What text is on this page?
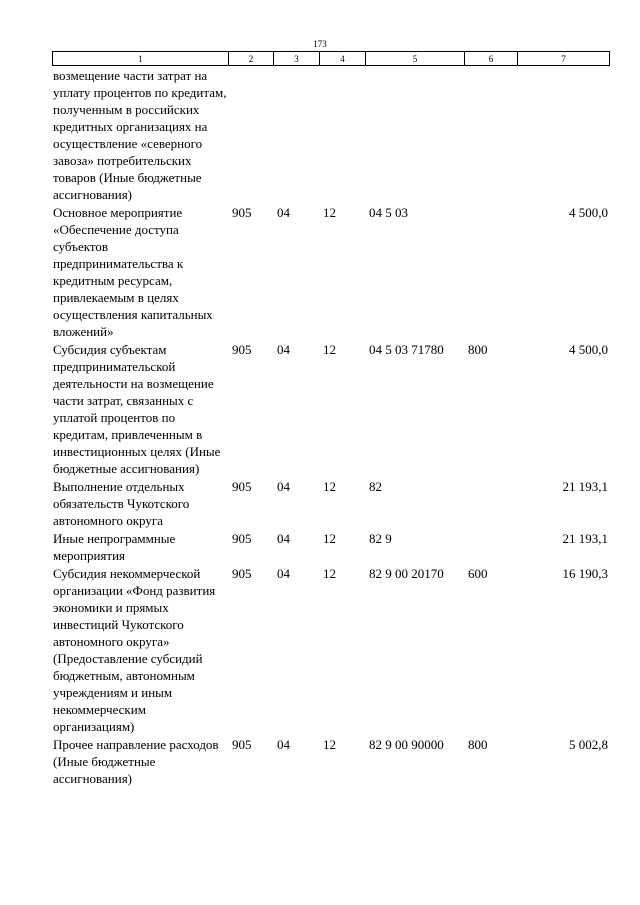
173
1	2	3	4	5	6	7
возмещение части затрат на уплату процентов по кредитам, полученным в российских кредитных организациях на осуществление «северного завоза» потребительских товаров (Иные бюджетные ассигнования)						
Основное мероприятие «Обеспечение доступа субъектов предпринимательства к кредитным ресурсам, привлекаемым в целях осуществления капитальных вложений»	905	04	12	04 5 03		4 500,0
Субсидия субъектам предпринимательской деятельности на возмещение части затрат, связанных с уплатой процентов по кредитам, привлеченным в инвестиционных целях (Иные бюджетные ассигнования)	905	04	12	04 5 03 71780	800	4 500,0
Выполнение отдельных обязательств Чукотского автономного округа	905	04	12	82		21 193,1
Иные непрограммные мероприятия	905	04	12	82 9		21 193,1
Субсидия некоммерческой организации «Фонд развития экономики и прямых инвестиций Чукотского автономного округа» (Предоставление субсидий бюджетным, автономным учреждениям и иным некоммерческим организациям)	905	04	12	82 9 00 20170	600	16 190,3
Прочее направление расходов (Иные бюджетные ассигнования)	905	04	12	82 9 00 90000	800	5 002,8
